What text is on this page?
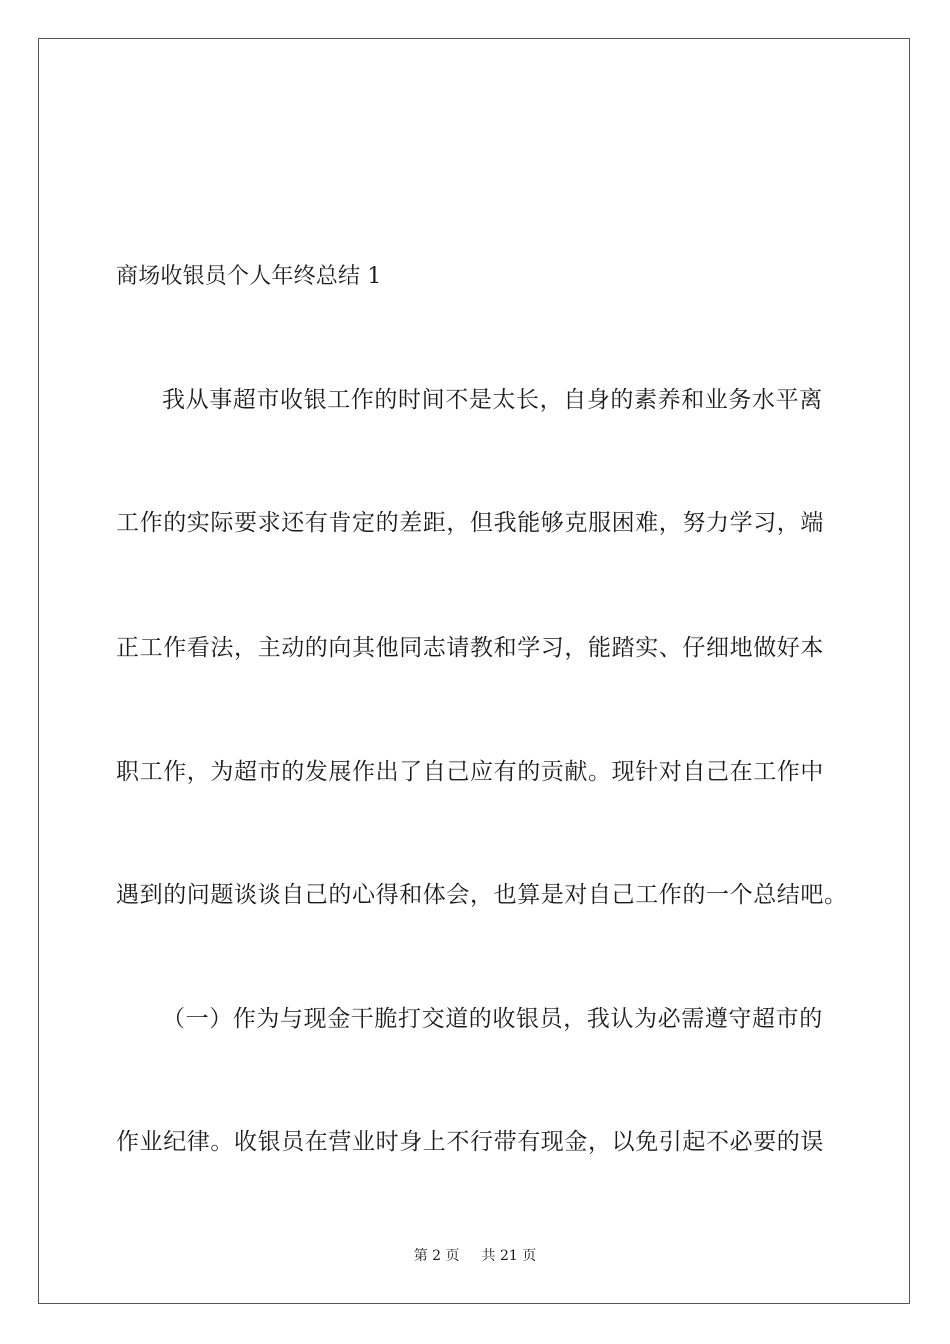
商场收银员个人年终总结 1
我从事超市收银工作的时间不是太长，自身的素养和业务水平离
工作的实际要求还有肯定的差距，但我能够克服困难，努力学习，端
正工作看法，主动的向其他同志请教和学习，能踏实、仔细地做好本
职工作，为超市的发展作出了自己应有的贡献。现针对自己在工作中
遇到的问题谈谈自己的心得和体会，也算是对自己工作的一个总结吧。
（一）作为与现金干脆打交道的收银员，我认为必需遵守超市的
作业纪律。收银员在营业时身上不行带有现金，以免引起不必要的误
第 2 页 共 21 页
